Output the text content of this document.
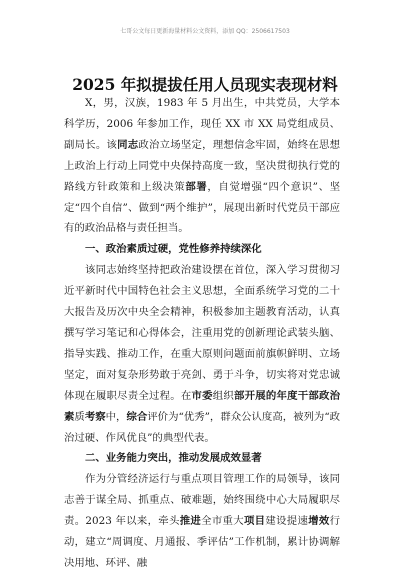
七哥公文每日更新海量材料公文资料，添加 QQ：2506617503
2025 年拟提拔任用人员现实表现材料

X，男，汉族，1983 年 5 月出生，中共党员，大学本科学历，2006 年参加工作，现任 XX 市 XX 局党组成员、副局长。该同志政治立场坚定，理想信念牢固，始终在思想上政治上行动上同党中央保持高度一致，坚决贯彻执行党的路线方针政策和上级决策部署，自觉增强“四个意识”、坚定“四个自信”、做到“两个维护”，展现出新时代党员干部应有的政治品格与责任担当。

一、政治素质过硬，党性修养持续深化

该同志始终坚持把政治建设摆在首位，深入学习贯彻习近平新时代中国特色社会主义思想，全面系统学习党的二十大报告及历次中央全会精神，积极参加主题教育活动，认真撰写学习笔记和心得体会，注重用党的创新理论武装头脑、指导实践、推动工作，在重大原则问题面前旗帜鲜明、立场坚定，面对复杂形势敢于亮剑、勇于斗争，切实将对党忠诚体现在履职尽责全过程。在市委组织部开展的年度干部政治素质考察中，综合评价为“优秀”，群众公认度高，被列为“政治过硬、作风优良”的典型代表。

二、业务能力突出，推动发展成效显著

作为分管经济运行与重点项目管理工作的局领导，该同志善于谋全局、抓重点、破难题，始终围绕中心大局履职尽责。2023 年以来，牵头推进全市重大项目建设提速增效行动，建立“周调度、月通报、季评估”工作机制，累计协调解决用地、环评、融
